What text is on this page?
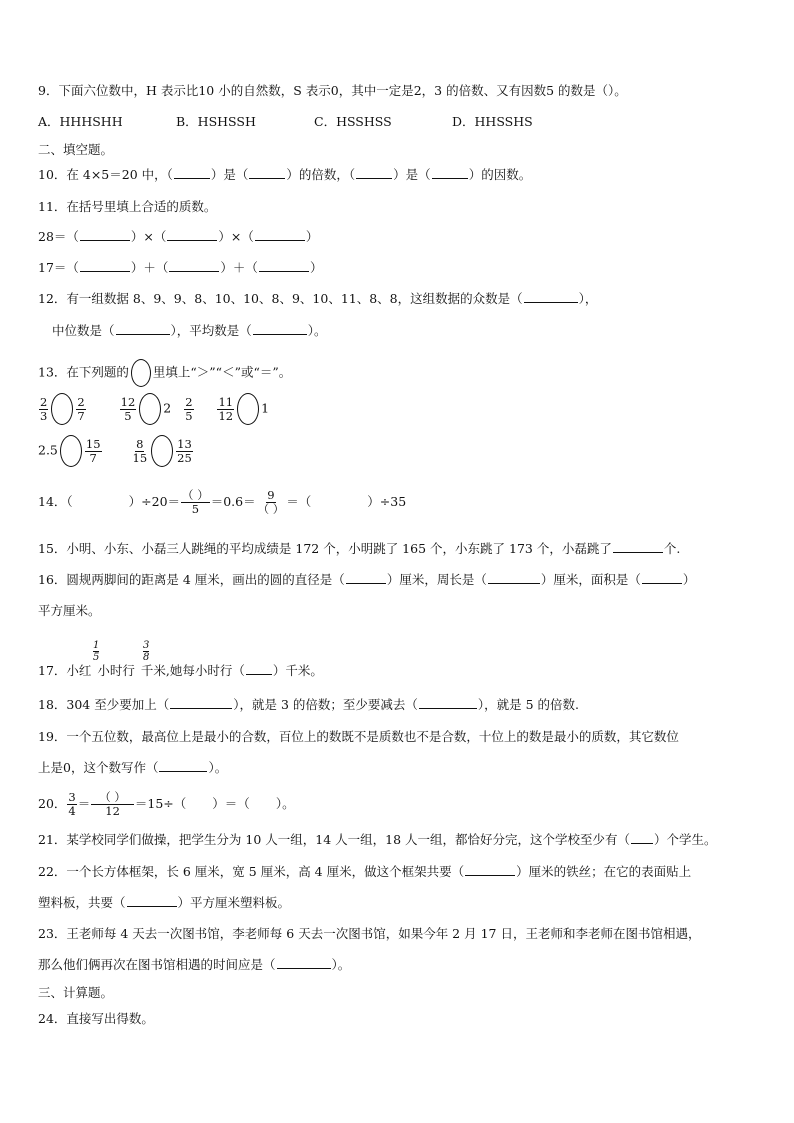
9．下面六位数中，H 表示比10 小的自然数，S 表示0，其中一定是2，3 的倍数、又有因数5 的数是（）。
A．HHHSHH	B．HSHSSH	C．HSSHSS	D．HHSSHS
二、填空题。
10．在 4×5＝20 中，（	）是（	）的倍数，（	）是（	）的因数。
11．在括号里填上合适的质数。
28＝（	）×（	）×（	）
17＝（	）＋（	）＋（	）
12．有一组数据 8、9、9、8、10、10、8、9、10、11、8、8，这组数据的众数是（	），
中位数是（	），平均数是（	）。
13．在下列题的 里填上“＞”“＜”或“＝”。
$\frac{2}{3} \frac{2}{7}$
	$\frac{12}{5} 2 \frac{2}{5}$
$\frac{11}{12} 1$
$2.5 \frac{15}{7}$
	$\frac{8}{15} \frac{13}{25}$
14．（	）$\div 20= \frac{( )}{5} =0.6= \frac{9}{( )}$ ＝（	）÷35
15．小明、小东、小磊三人跳绳的平均成绩是 172 个，小明跳了 165 个，小东跳了 173 个，小磊跳了	个.
16．圆规两脚间的距离是 4 厘米，画出的圆的直径是（	）厘米，周长是（	）厘米，面积是（	）
平方厘米。
$\frac{1}{5}$	$\frac{3}{8}$
17．小红 小时行 千米,她每小时行（ ）千米。
18．304 至少要加上（	），就是 3 的倍数；至少要减去（	），就是 5 的倍数.
19．一个五位数，最高位上是最小的合数，百位上的数既不是质数也不是合数，十位上的数是最小的质数，其它数位
上是0，这个数写作（	）。
20． $\frac{3}{4} = \frac{( )}{12} =15\div$（ ）＝（ ）。
21．某学校同学们做操，把学生分为 10 人一组，14 人一组，18 人一组，都恰好分完，这个学校至少有（ ）个学生。
22．一个长方体框架，长 6 厘米，宽 5 厘米，高 4 厘米，做这个框架共要（	）厘米的铁丝；在它的表面贴上
塑料板，共要（	）平方厘米塑料板。
23．王老师每 4 天去一次图书馆，李老师每 6 天去一次图书馆，如果今年 2 月 17 日，王老师和李老师在图书馆相遇，
那么他们俩再次在图书馆相遇的时间应是（	）。
三、计算题。
24．直接写出得数。
